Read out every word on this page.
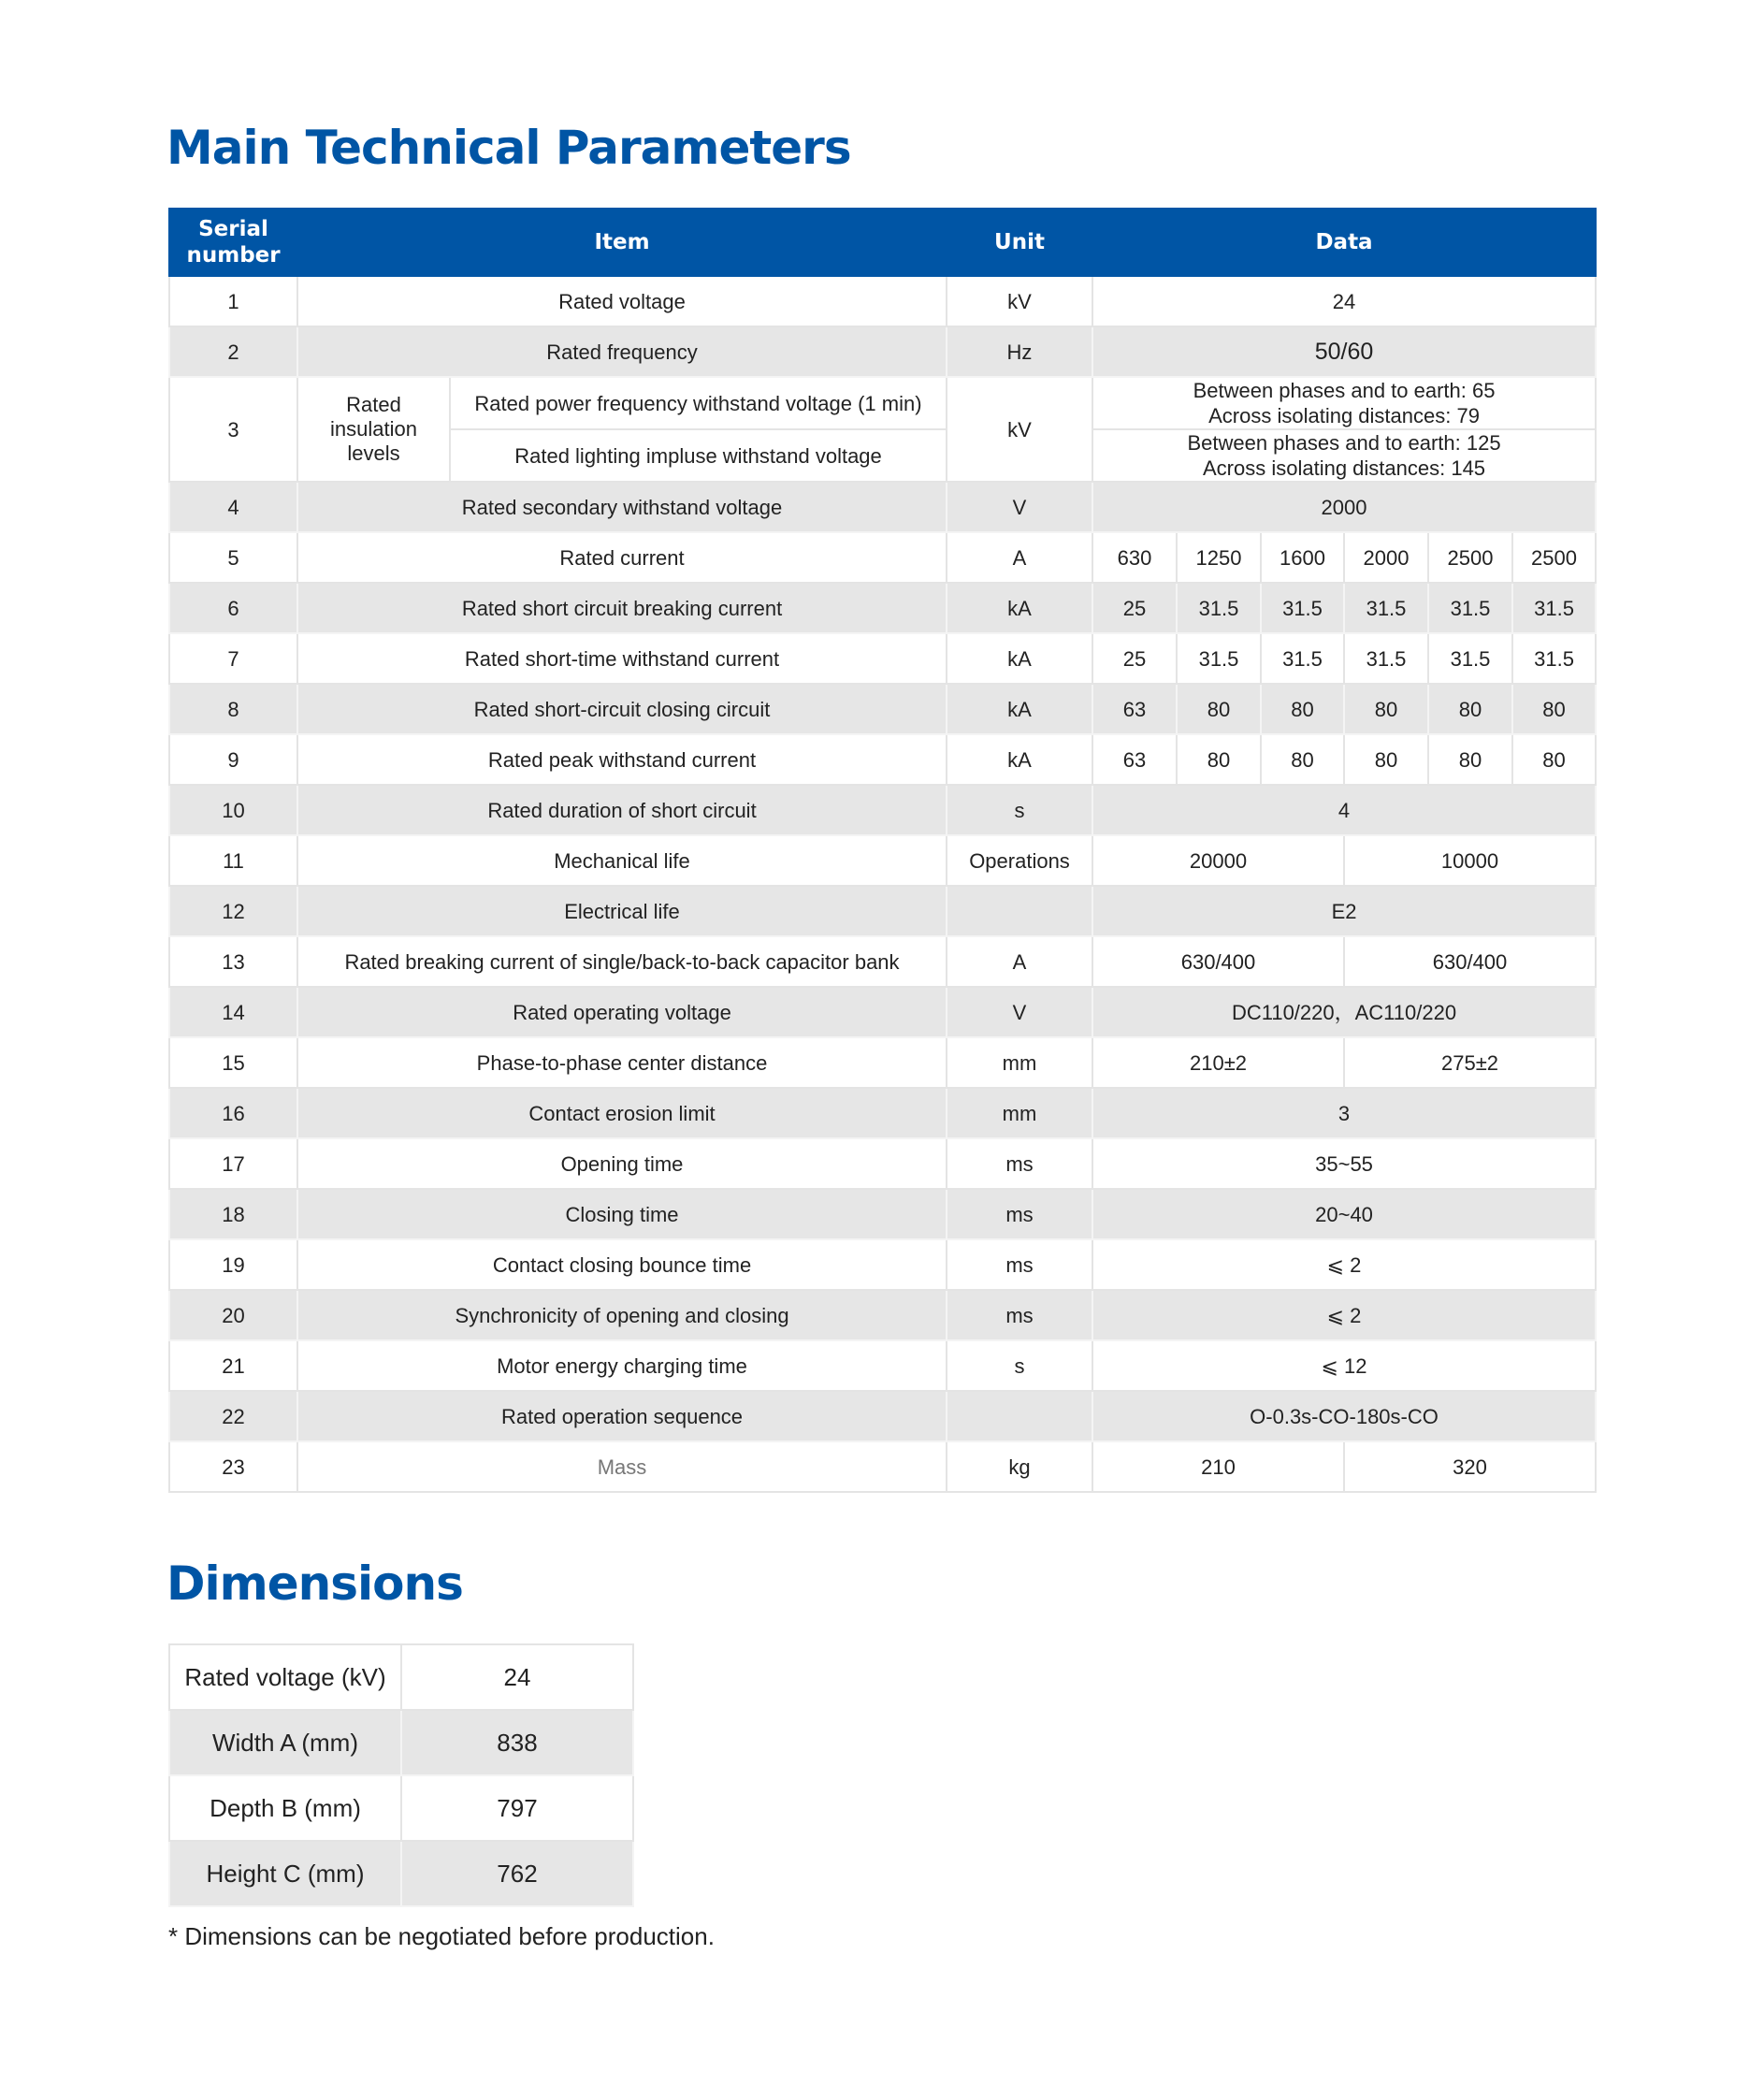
Main Technical Parameters
Serial number	Item		Unit	Data					
1	Rated voltage		kV	24					
2	Rated frequency		Hz	50/60					
3	Rated insulation levels	Rated power frequency withstand voltage (1 min)	kV	Between phases and to earth: 65
Across isolating distances: 79					

		Rated lighting impluse withstand voltage		Between phases and to earth: 125
Across isolating distances: 145					

4	Rated secondary withstand voltage		V	2000					
5	Rated current		A	630	1250	1600	2000	2500	2500
6	Rated short circuit breaking current		kA	25	31.5	31.5	31.5	31.5	31.5
7	Rated short-time withstand current		kA	25	31.5	31.5	31.5	31.5	31.5
8	Rated short-circuit closing circuit		kA	63	80	80	80	80	80
9	Rated peak withstand current		kA	63	80	80	80	80	80
10	Rated duration of short circuit		s	4					
11	Mechanical life		Operations	20000			10000		
12	Electrical life			E2					
13	Rated breaking current of single/back-to-back capacitor bank		A	630/400			630/400		
14	Rated operating voltage		V	DC110/220，AC110/220					
15	Phase-to-phase center distance		mm	210±2			275±2		
16	Contact erosion limit		mm	3					
17	Opening time		ms	35~55					
18	Closing time		ms	20~40					
19	Contact closing bounce time		ms	⩽ 2					
20	Synchronicity of opening and closing		ms	⩽ 2					
21	Motor energy charging time		s	⩽ 12					
22	Rated operation sequence			O-0.3s-CO-180s-CO					
23	Mass		kg	210			320		
Dimensions
Rated voltage (kV)	24
Width A (mm)	838
Depth B (mm)	797
Height C (mm)	762

* Dimensions can be negotiated before production.
